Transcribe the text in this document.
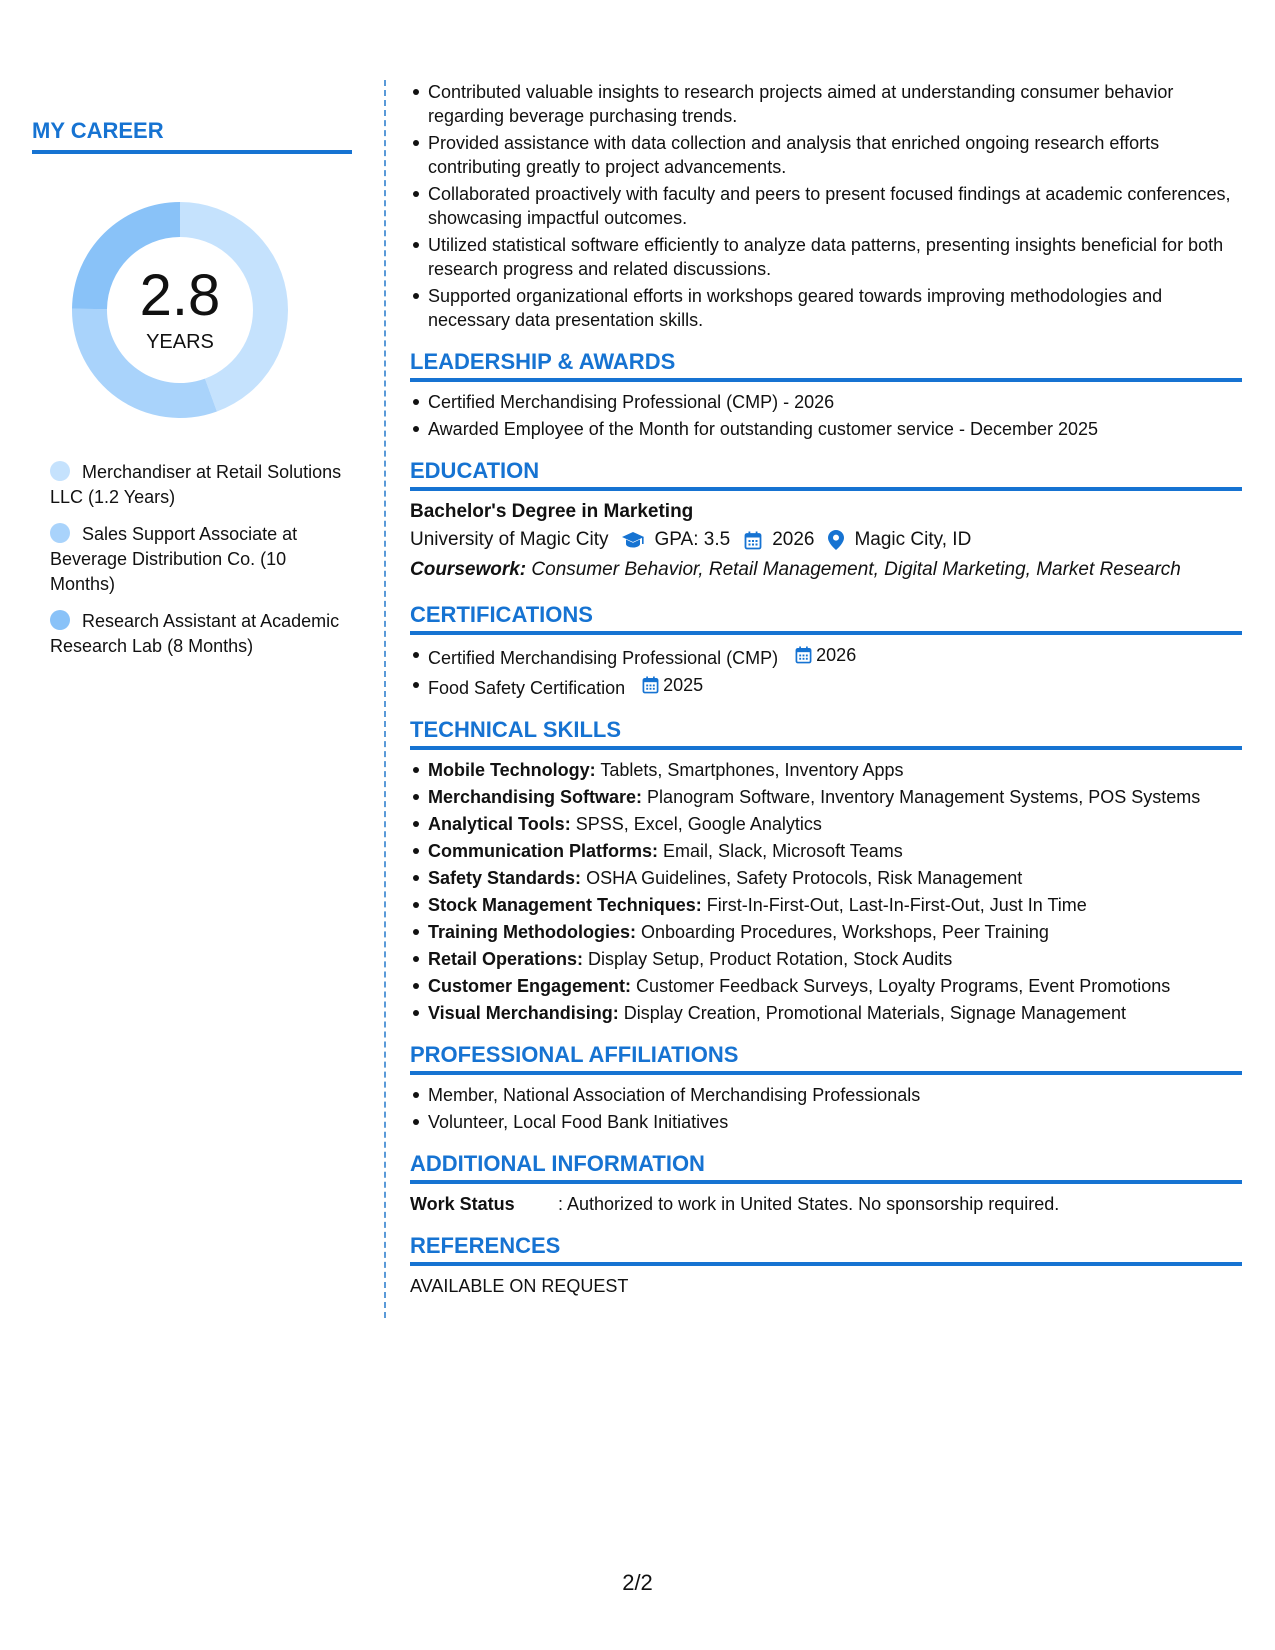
MY CAREER
2.8
YEARS
Merchandiser at Retail Solutions LLC (1.2 Years)
Sales Support Associate at Beverage Distribution Co. (10 Months)
Research Assistant at Academic Research Lab (8 Months)
Contributed valuable insights to research projects aimed at understanding consumer behavior regarding beverage purchasing trends.
Provided assistance with data collection and analysis that enriched ongoing research efforts contributing greatly to project advancements.
Collaborated proactively with faculty and peers to present focused findings at academic conferences, showcasing impactful outcomes.
Utilized statistical software efficiently to analyze data patterns, presenting insights beneficial for both research progress and related discussions.
Supported organizational efforts in workshops geared towards improving methodologies and necessary data presentation skills.
LEADERSHIP & AWARDS
Certified Merchandising Professional (CMP) - 2026
Awarded Employee of the Month for outstanding customer service - December 2025
EDUCATION
Bachelor's Degree in Marketing
University of Magic City GPA: 3.5 2026 Magic City, ID
Coursework: Consumer Behavior, Retail Management, Digital Marketing, Market Research
CERTIFICATIONS
Certified Merchandising Professional (CMP) 2026
Food Safety Certification 2025
TECHNICAL SKILLS
Mobile Technology: Tablets, Smartphones, Inventory Apps
Merchandising Software: Planogram Software, Inventory Management Systems, POS Systems
Analytical Tools: SPSS, Excel, Google Analytics
Communication Platforms: Email, Slack, Microsoft Teams
Safety Standards: OSHA Guidelines, Safety Protocols, Risk Management
Stock Management Techniques: First-In-First-Out, Last-In-First-Out, Just In Time
Training Methodologies: Onboarding Procedures, Workshops, Peer Training
Retail Operations: Display Setup, Product Rotation, Stock Audits
Customer Engagement: Customer Feedback Surveys, Loyalty Programs, Event Promotions
Visual Merchandising: Display Creation, Promotional Materials, Signage Management
PROFESSIONAL AFFILIATIONS
Member, National Association of Merchandising Professionals
Volunteer, Local Food Bank Initiatives
ADDITIONAL INFORMATION
Work Status	: Authorized to work in United States. No sponsorship required.
REFERENCES
AVAILABLE ON REQUEST
2/2
